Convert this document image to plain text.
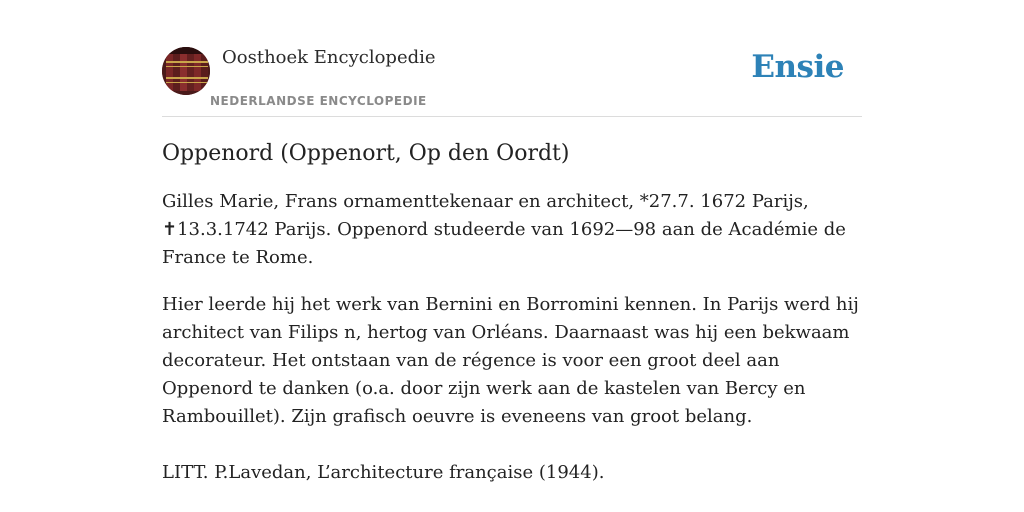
Oosthoek Encyclopedie
NEDERLANDSE ENCYCLOPEDIE
Ensie
Oppenord (Oppenort, Op den Oordt)

Gilles Marie, Frans ornamenttekenaar en architect, *27.7. 1672 Parijs, ✝13.3.1742 Parijs. Oppenord studeerde van 1692—98 aan de Académie de France te Rome.

Hier leerde hij het werk van Bernini en Borromini kennen. In Parijs werd hij architect van Filips n, hertog van Orléans. Daarnaast was hij een bekwaam decorateur. Het ontstaan van de régence is voor een groot deel aan Oppenord te danken (o.a. door zijn werk aan de kastelen van Bercy en Rambouillet). Zijn grafisch oeuvre is eveneens van groot belang.

LITT. P.Lavedan, L’architecture française (1944).
